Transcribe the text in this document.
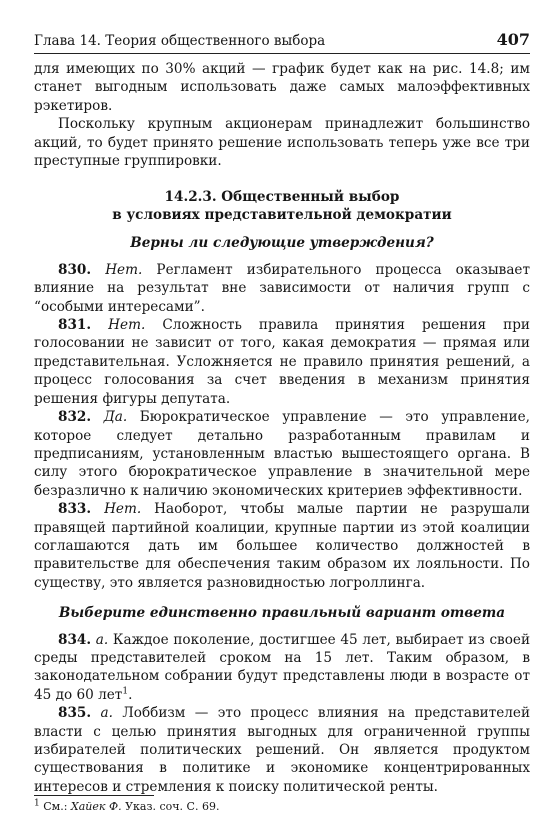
Глава 14. Теория общественного выбора	407

для имеющих по 30% акций — график будет как на рис. 14.8; им станет выгодным использовать даже самых малоэффективных рэкетиров.

Поскольку крупным акционерам принадлежит большинство акций, то будет принято решение использовать теперь уже все три преступные группировки.

14.2.3. Общественный выбор
в условиях представительной демократии
Верны ли следующие утверждения?

830. Нет. Регламент избирательного процесса оказывает влияние на результат вне зависимости от наличия групп с “особыми интересами”.

831. Нет. Сложность правила принятия решения при голосовании не зависит от того, какая демократия — прямая или представительная. Усложняется не правило принятия решений, а процесс голосования за счет введения в механизм принятия решения фигуры депутата.

832. Да. Бюрократическое управление — это управление, которое следует детально разработанным правилам и предписаниям, установленным властью вышестоящего органа. В силу этого бюрократическое управление в значительной мере безразлично к наличию экономических критериев эффективности.

833. Нет. Наоборот, чтобы малые партии не разрушали правящей партийной коалиции, крупные партии из этой коалиции соглашаются дать им большее количество должностей в правительстве для обеспечения таким образом их лояльности. По существу, это является разновидностью логроллинга.

Выберите единственно правильный вариант ответа

834. а. Каждое поколение, достигшее 45 лет, выбирает из своей среды представителей сроком на 15 лет. Таким образом, в законодательном собрании будут представлены люди в возрасте от 45 до 60 лет$^1$.

835. а. Лоббизм — это процесс влияния на представителей власти с целью принятия выгодных для ограниченной группы избирателей политических решений. Он является продуктом существования в политике и экономике концентрированных интересов и стремления к поиску политической ренты.

$^1$ См.: Хайек Ф. Указ. соч. С. 69.
